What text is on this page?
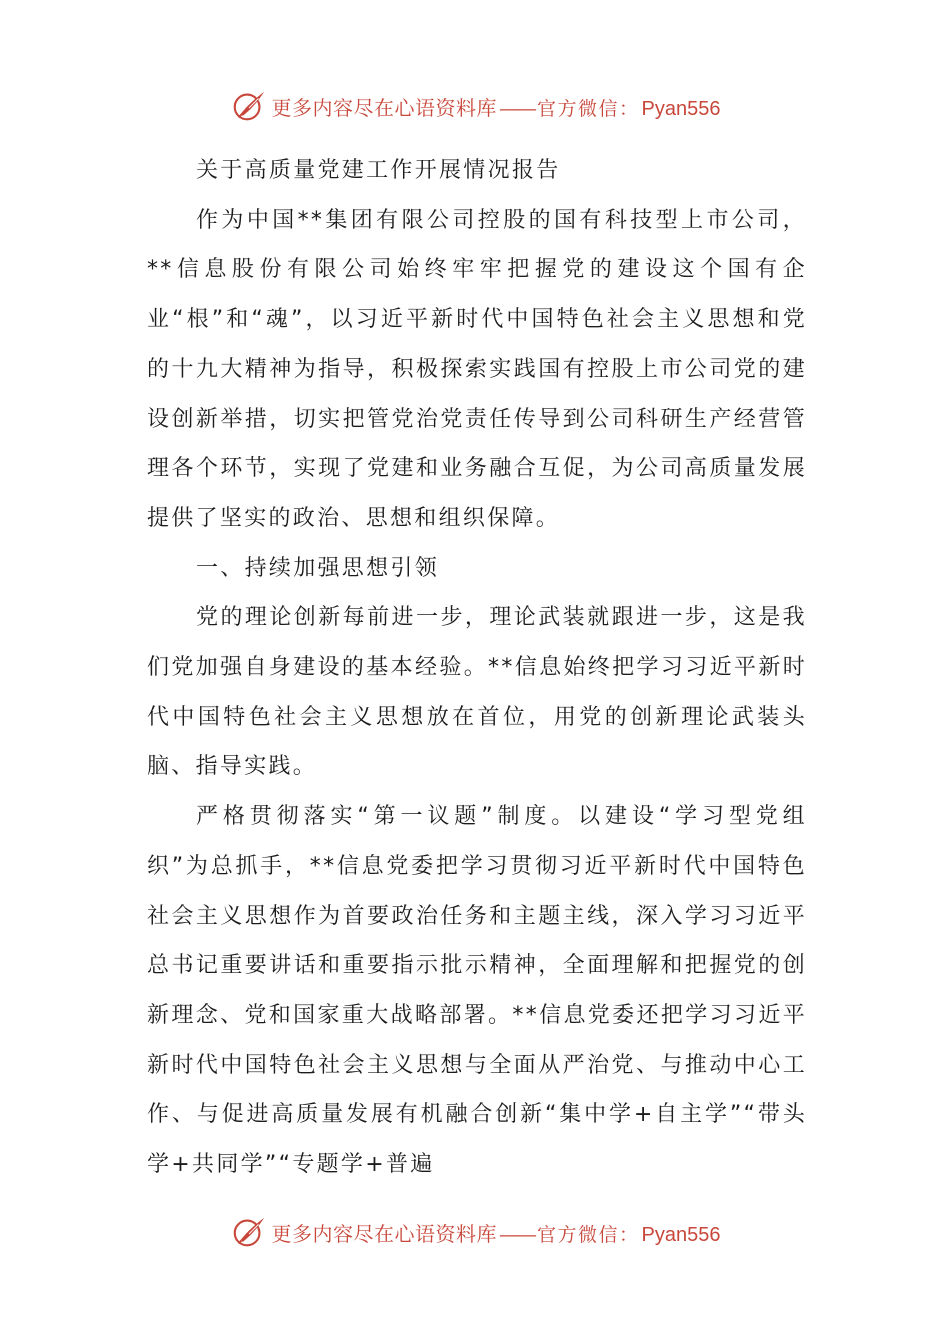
更多内容尽在心语资料库 —— 官方微信： Pyan556

关于高质量党建工作开展情况报告

作为中国**集团有限公司控股的国有科技型上市公司，**信息股份有限公司始终牢牢把握党的建设这个国有企业“根”和“魂”，以习近平新时代中国特色社会主义思想和党的十九大精神为指导，积极探索实践国有控股上市公司党的建设创新举措，切实把管党治党责任传导到公司科研生产经营管理各个环节，实现了党建和业务融合互促，为公司高质量发展提供了坚实的政治、思想和组织保障。

一、持续加强思想引领

党的理论创新每前进一步，理论武装就跟进一步，这是我们党加强自身建设的基本经验。**信息始终把学习习近平新时代中国特色社会主义思想放在首位，用党的创新理论武装头脑、指导实践。

严格贯彻落实“第一议题”制度。以建设“学习型党组织”为总抓手，**信息党委把学习贯彻习近平新时代中国特色社会主义思想作为首要政治任务和主题主线，深入学习习近平总书记重要讲话和重要指示批示精神，全面理解和把握党的创新理念、党和国家重大战略部署。**信息党委还把学习习近平新时代中国特色社会主义思想与全面从严治党、与推动中心工作、与促进高质量发展有机融合创新“集中学+自主学”“带头学+共同学”“专题学+普遍

更多内容尽在心语资料库 —— 官方微信： Pyan556
